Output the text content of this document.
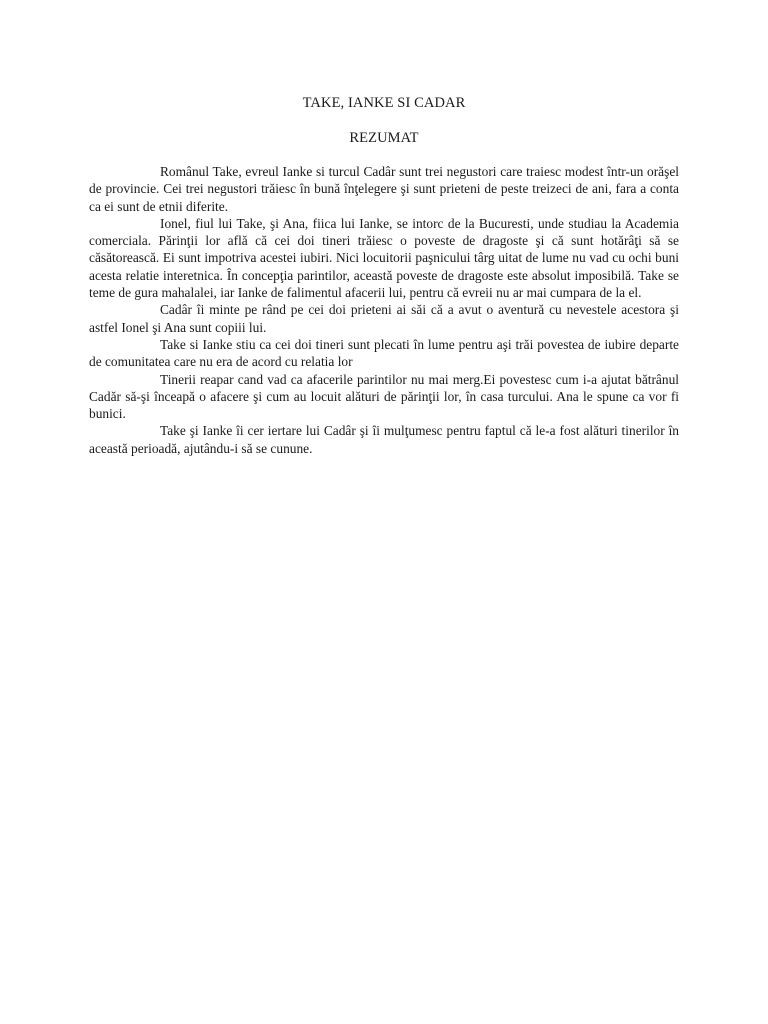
TAKE, IANKE SI CADAR
REZUMAT

Românul Take, evreul Ianke si turcul Cadâr sunt trei negustori care traiesc modest într-un orăşel de provincie. Cei trei negustori trăiesc în bună înţelegere şi sunt prieteni de peste treizeci de ani, fara a conta ca ei sunt de etnii diferite.

Ionel, fiul lui Take, şi Ana, fiica lui Ianke, se intorc de la Bucuresti, unde studiau la Academia comerciala. Părinţii lor află că cei doi tineri trăiesc o poveste de dragoste şi că sunt hotărâţi să se căsătorească. Ei sunt impotriva acestei iubiri. Nici locuitorii paşnicului târg uitat de lume nu vad cu ochi buni acesta relatie interetnica. În concepţia parintilor, această poveste de dragoste este absolut imposibilă. Take se teme de gura mahalalei, iar Ianke de falimentul afacerii lui, pentru că evreii nu ar mai cumpara de la el.

Cadâr îi minte pe rând pe cei doi prieteni ai săi că a avut o aventură cu nevestele acestora şi astfel Ionel şi Ana sunt copiii lui.

Take si Ianke stiu ca cei doi tineri sunt plecati în lume pentru aşi trăi povestea de iubire departe de comunitatea care nu era de acord cu relatia lor

Tinerii reapar cand vad ca afacerile parintilor nu mai merg.Ei povestesc cum i-a ajutat bătrânul Cadăr să-şi înceapă o afacere şi cum au locuit alături de părinţii lor, în casa turcului. Ana le spune ca vor fi bunici.

Take şi Ianke îi cer iertare lui Cadâr şi îi mulţumesc pentru faptul că le-a fost alături tinerilor în această perioadă, ajutându-i să se cunune.
